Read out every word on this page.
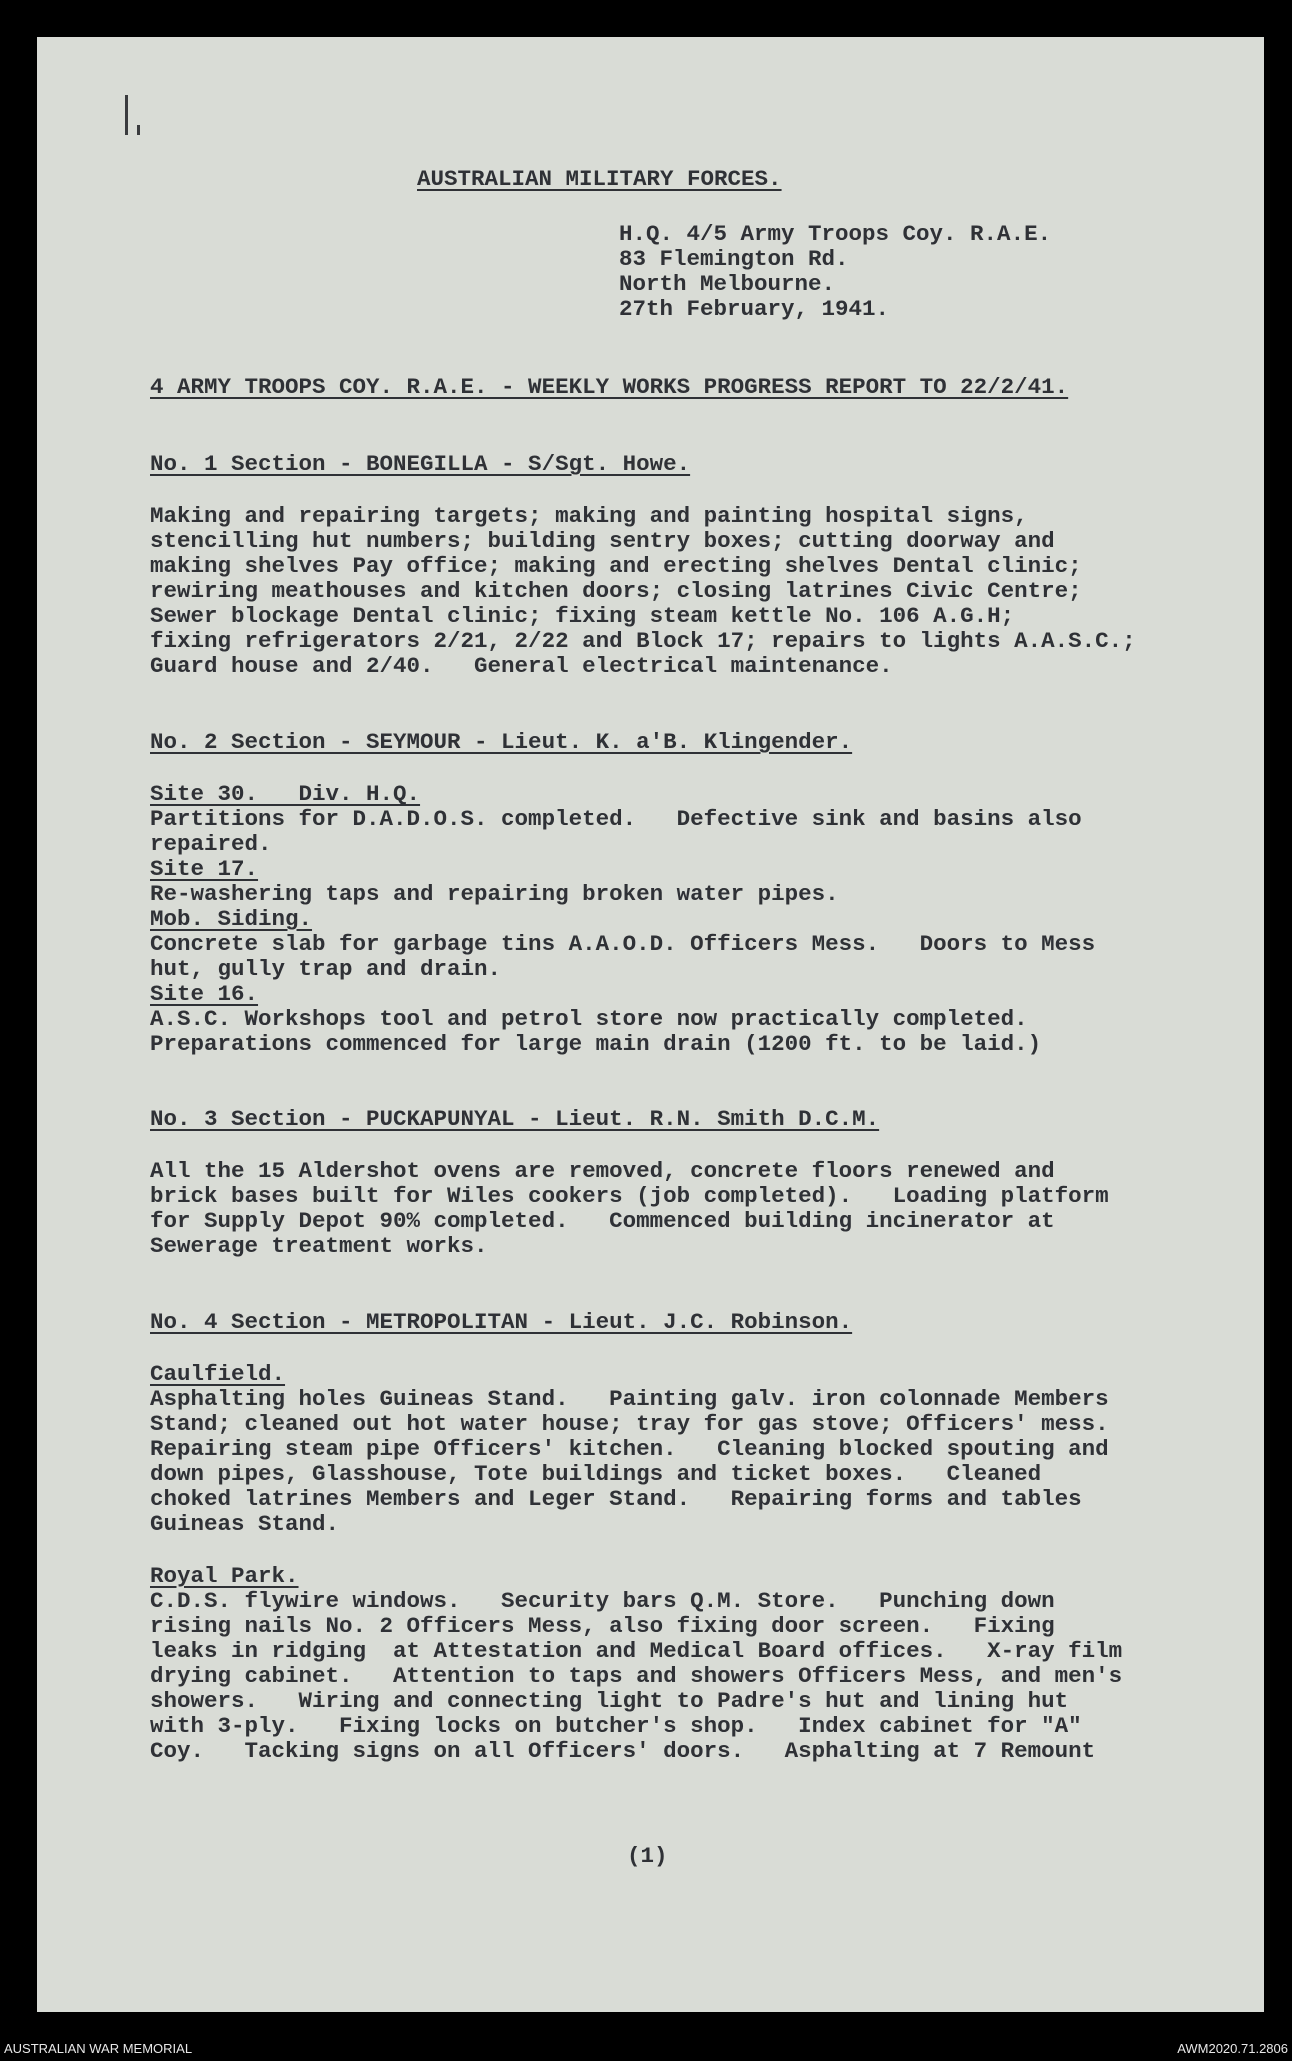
AUSTRALIAN MILITARY FORCES.
H.Q. 4/5 Army Troops Coy. R.A.E.
83 Flemington Rd.
North Melbourne.
27th February, 1941.
4 ARMY TROOPS COY. R.A.E. - WEEKLY WORKS PROGRESS REPORT TO 22/2/41.
No. 1 Section - BONEGILLA - S/Sgt. Howe.
Making and repairing targets; making and painting hospital signs,
stencilling hut numbers; building sentry boxes; cutting doorway and
making shelves Pay office; making and erecting shelves Dental clinic;
rewiring meathouses and kitchen doors; closing latrines Civic Centre;
Sewer blockage Dental clinic; fixing steam kettle No. 106 A.G.H;
fixing refrigerators 2/21, 2/22 and Block 17; repairs to lights A.A.S.C.;
Guard house and 2/40.   General electrical maintenance.
No. 2 Section - SEYMOUR - Lieut. K. a'B. Klingender.
Site 30.   Div. H.Q.
Partitions for D.A.D.O.S. completed.   Defective sink and basins also
repaired.
Site 17.
Re-washering taps and repairing broken water pipes.
Mob. Siding.
Concrete slab for garbage tins A.A.O.D. Officers Mess.   Doors to Mess
hut, gully trap and drain.
Site 16.
A.S.C. Workshops tool and petrol store now practically completed.
Preparations commenced for large main drain (1200 ft. to be laid.)
No. 3 Section - PUCKAPUNYAL - Lieut. R.N. Smith D.C.M.
All the 15 Aldershot ovens are removed, concrete floors renewed and
brick bases built for Wiles cookers (job completed).   Loading platform
for Supply Depot 90% completed.   Commenced building incinerator at
Sewerage treatment works.
No. 4 Section - METROPOLITAN - Lieut. J.C. Robinson.
Caulfield.
Asphalting holes Guineas Stand.   Painting galv. iron colonnade Members
Stand; cleaned out hot water house; tray for gas stove; Officers' mess.
Repairing steam pipe Officers' kitchen.   Cleaning blocked spouting and
down pipes, Glasshouse, Tote buildings and ticket boxes.   Cleaned
choked latrines Members and Leger Stand.   Repairing forms and tables
Guineas Stand.
Royal Park.
C.D.S. flywire windows.   Security bars Q.M. Store.   Punching down
rising nails No. 2 Officers Mess, also fixing door screen.   Fixing
leaks in ridging  at Attestation and Medical Board offices.   X-ray film
drying cabinet.   Attention to taps and showers Officers Mess, and men's
showers.   Wiring and connecting light to Padre's hut and lining hut
with 3-ply.   Fixing locks on butcher's shop.   Index cabinet for "A"
Coy.   Tacking signs on all Officers' doors.   Asphalting at 7 Remount
(1)
AUSTRALIAN WAR MEMORIAL	AWM2020.71.2806
